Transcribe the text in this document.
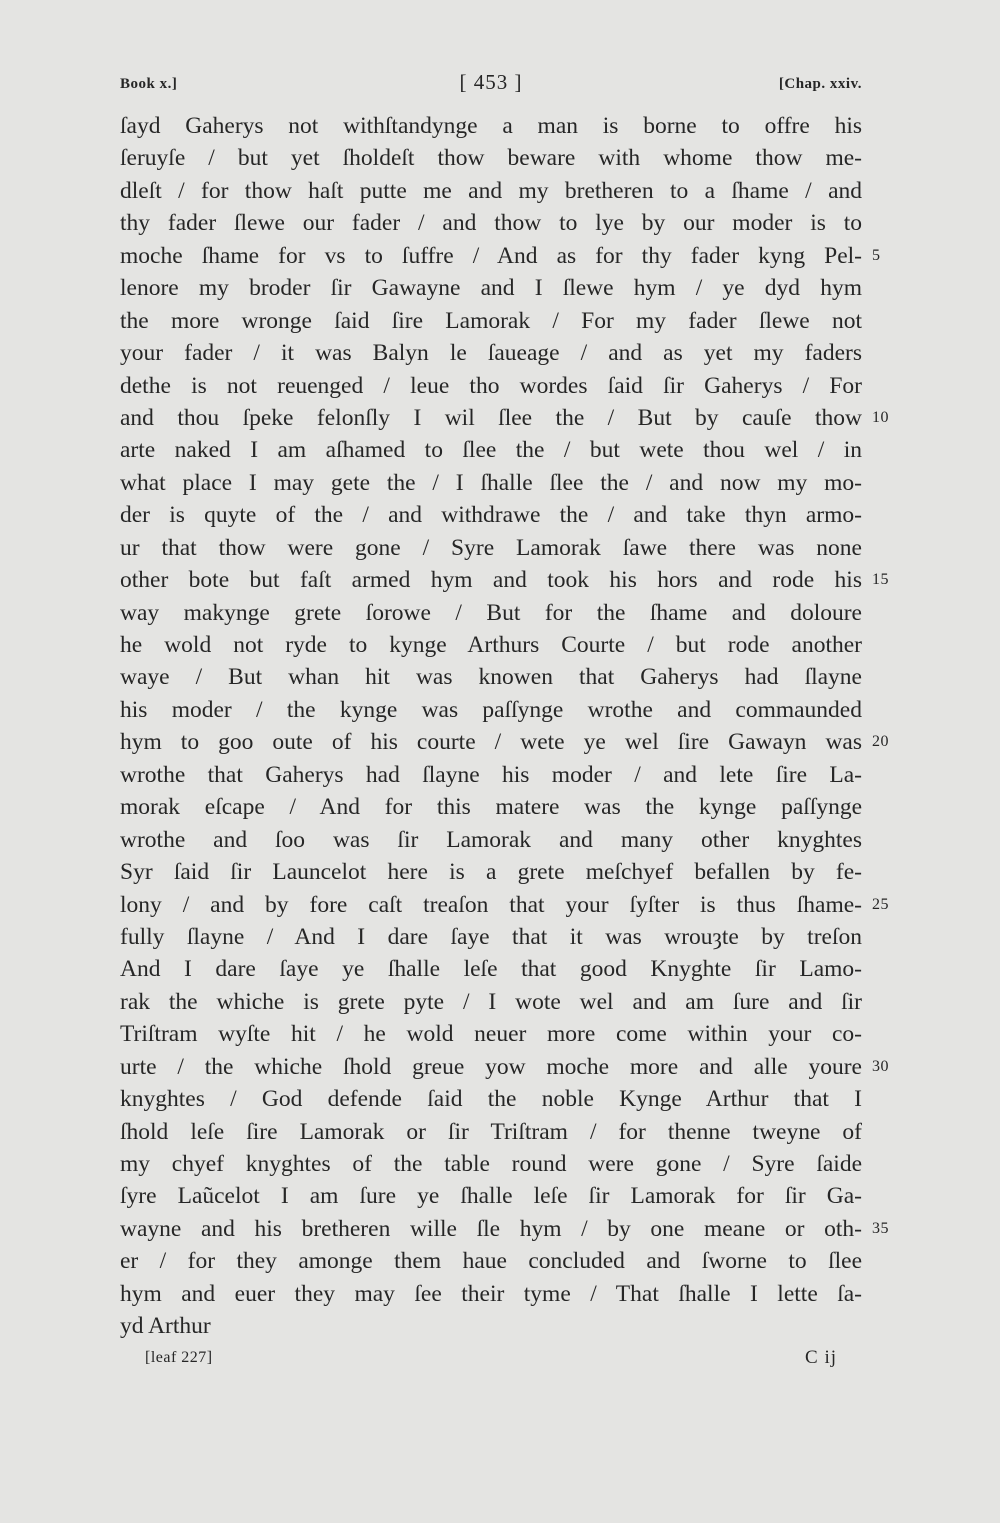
Book x.]	[ 453 ]	[Chap. xxiv.
ſayd Gaherys not withſtandynge a man is borne to offre his
ſeruyſe / but yet ſholdeſt thow beware with whome thow me-
dleſt / for thow haſt putte me and my bretheren to a ſhame / and
thy fader ſlewe our fader / and thow to lye by our moder is to
moche ſhame for vs to ſuffre / And as for thy fader kyng Pel- 5
lenore my broder ſir Gawayne and I ſlewe hym / ye dyd hym
the more wronge ſaid ſire Lamorak / For my fader ſlewe not
your fader / it was Balyn le ſaueage / and as yet my faders
dethe is not reuenged / leue tho wordes ſaid ſir Gaherys / For
and thou ſpeke felonſly I wil ſlee the / But by cauſe thow 10
arte naked I am aſhamed to ſlee the / but wete thou wel / in
what place I may gete the / I ſhalle ſlee the / and now my mo-
der is quyte of the / and withdrawe the / and take thyn armo-
ur that thow were gone / Syre Lamorak ſawe there was none
other bote but faſt armed hym and took his hors and rode his 15
way makynge grete ſorowe / But for the ſhame and doloure
he wold not ryde to kynge Arthurs Courte / but rode another
waye / But whan hit was knowen that Gaherys had ſlayne
his moder / the kynge was paſſynge wrothe and commaunded
hym to goo oute of his courte / wete ye wel ſire Gawayn was 20
wrothe that Gaherys had ſlayne his moder / and lete ſire La-
morak eſcape / And for this matere was the kynge paſſynge
wrothe and ſoo was ſir Lamorak and many other knyghtes
Syr ſaid ſir Launcelot here is a grete meſchyef befallen by fe-
lony / and by fore caſt treaſon that your ſyſter is thus ſhame- 25
fully ſlayne / And I dare ſaye that it was wrouȝte by treſon
And I dare ſaye ye ſhalle leſe that good Knyghte ſir Lamo-
rak the whiche is grete pyte / I wote wel and am ſure and ſir
Triſtram wyſte hit / he wold neuer more come within your co-
urte / the whiche ſhold greue yow moche more and alle youre 30
knyghtes / God defende ſaid the noble Kynge Arthur that I
ſhold leſe ſire Lamorak or ſir Triſtram / for thenne tweyne of
my chyef knyghtes of the table round were gone / Syre ſaide
ſyre Laũcelot I am ſure ye ſhalle leſe ſir Lamorak for ſir Ga-
wayne and his bretheren wille ſle hym / by one meane or oth- 35
er / for they amonge them haue concluded and ſworne to ſlee
hym and euer they may ſee their tyme / That ſhalle I lette ſa-
yd Arthur
[leaf 227]	C ij
